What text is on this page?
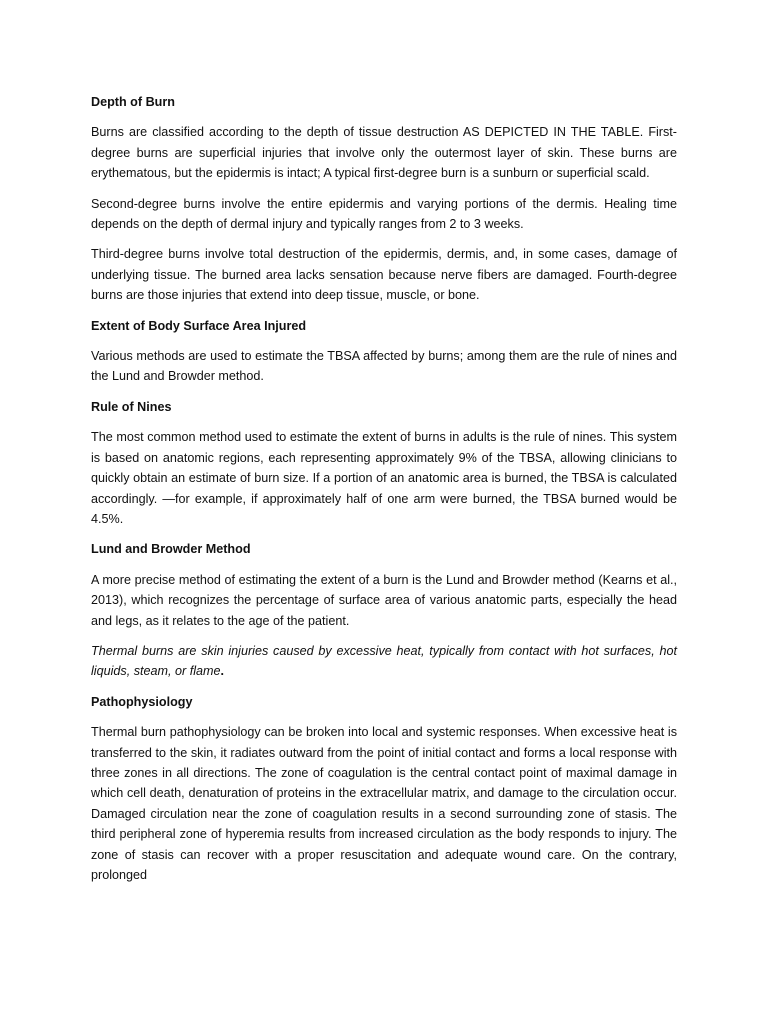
Depth of Burn

Burns are classified according to the depth of tissue destruction AS DEPICTED IN THE TABLE. First-degree burns are superficial injuries that involve only the outermost layer of skin. These burns are erythematous, but the epidermis is intact; A typical first-degree burn is a sunburn or superficial scald.

Second-degree burns involve the entire epidermis and varying portions of the dermis. Healing time depends on the depth of dermal injury and typically ranges from 2 to 3 weeks.

Third-degree burns involve total destruction of the epidermis, dermis, and, in some cases, damage of underlying tissue. The burned area lacks sensation because nerve fibers are damaged. Fourth-degree burns are those injuries that extend into deep tissue, muscle, or bone.

Extent of Body Surface Area Injured

Various methods are used to estimate the TBSA affected by burns; among them are the rule of nines and the Lund and Browder method.

Rule of Nines

The most common method used to estimate the extent of burns in adults is the rule of nines. This system is based on anatomic regions, each representing approximately 9% of the TBSA, allowing clinicians to quickly obtain an estimate of burn size. If a portion of an anatomic area is burned, the TBSA is calculated accordingly. —for example, if approximately half of one arm were burned, the TBSA burned would be 4.5%.

Lund and Browder Method

A more precise method of estimating the extent of a burn is the Lund and Browder method (Kearns et al., 2013), which recognizes the percentage of surface area of various anatomic parts, especially the head and legs, as it relates to the age of the patient.

Thermal burns are skin injuries caused by excessive heat, typically from contact with hot surfaces, hot liquids, steam, or flame.

Pathophysiology

Thermal burn pathophysiology can be broken into local and systemic responses. When excessive heat is transferred to the skin, it radiates outward from the point of initial contact and forms a local response with three zones in all directions. The zone of coagulation is the central contact point of maximal damage in which cell death, denaturation of proteins in the extracellular matrix, and damage to the circulation occur. Damaged circulation near the zone of coagulation results in a second surrounding zone of stasis. The third peripheral zone of hyperemia results from increased circulation as the body responds to injury. The zone of stasis can recover with a proper resuscitation and adequate wound care. On the contrary, prolonged
